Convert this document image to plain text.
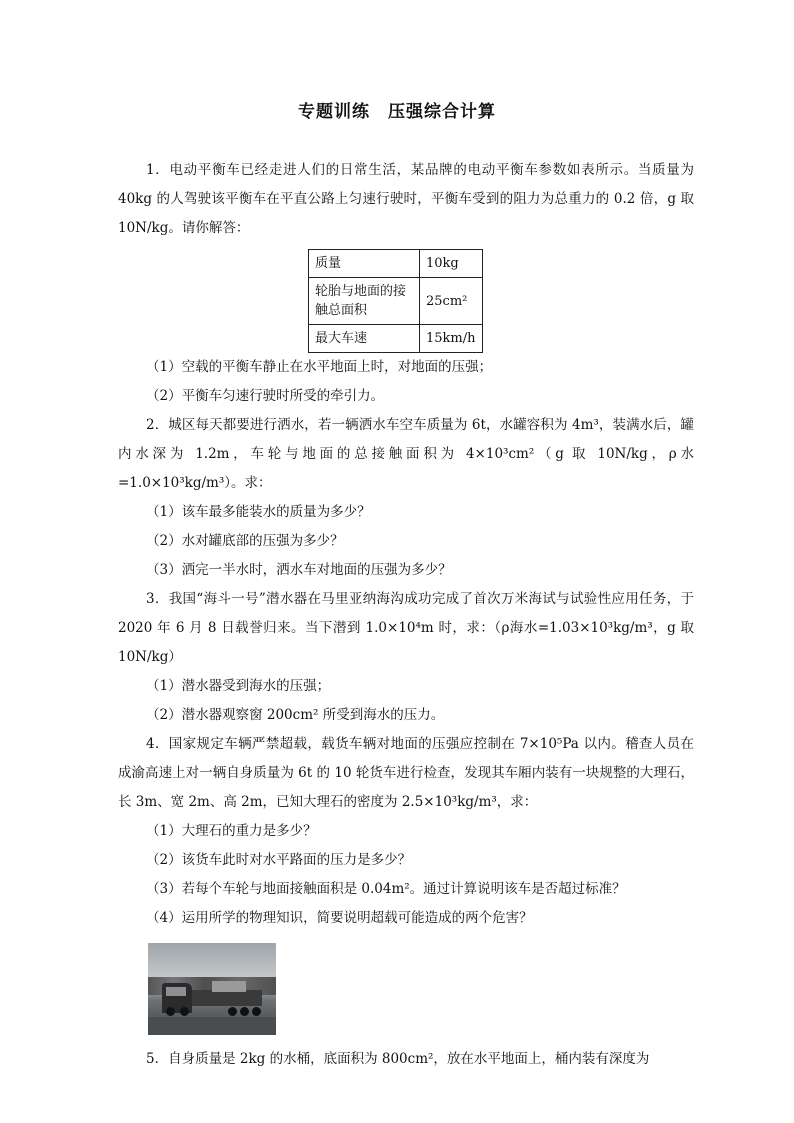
专题训练　压强综合计算

1．电动平衡车已经走进人们的日常生活，某品牌的电动平衡车参数如表所示。当质量为 40kg 的人驾驶该平衡车在平直公路上匀速行驶时，平衡车受到的阻力为总重力的 0.2 倍，g 取 10N/kg。请你解答：

质量	10kg
轮胎与地面的接触总面积	25cm²
最大车速	15km/h

（1）空载的平衡车静止在水平地面上时，对地面的压强；

（2）平衡车匀速行驶时所受的牵引力。

2．城区每天都要进行洒水，若一辆洒水车空车质量为 6t，水罐容积为 4m³，装满水后，罐内水深为 1.2m，车轮与地面的总接触面积为 4×10³cm²（g 取 10N/kg，ρ水=1.0×10³kg/m³）。求：

（1）该车最多能装水的质量为多少？

（2）水对罐底部的压强为多少？

（3）洒完一半水时，洒水车对地面的压强为多少？

3．我国“海斗一号”潜水器在马里亚纳海沟成功完成了首次万米海试与试验性应用任务，于 2020 年 6 月 8 日载誉归来。当下潜到 1.0×10⁴m 时，求：（ρ海水=1.03×10³kg/m³，g 取 10N/kg）

（1）潜水器受到海水的压强；

（2）潜水器观察窗 200cm² 所受到海水的压力。

4．国家规定车辆严禁超载，载货车辆对地面的压强应控制在 7×10⁵Pa 以内。稽查人员在成渝高速上对一辆自身质量为 6t 的 10 轮货车进行检查，发现其车厢内装有一块规整的大理石，长 3m、宽 2m、高 2m，已知大理石的密度为 2.5×10³kg/m³，求：

（1）大理石的重力是多少？

（2）该货车此时对水平路面的压力是多少？

（3）若每个车轮与地面接触面积是 0.04m²。通过计算说明该车是否超过标准？

（4）运用所学的物理知识，简要说明超载可能造成的两个危害？

5．自身质量是 2kg 的水桶，底面积为 800cm²，放在水平地面上，桶内装有深度为
